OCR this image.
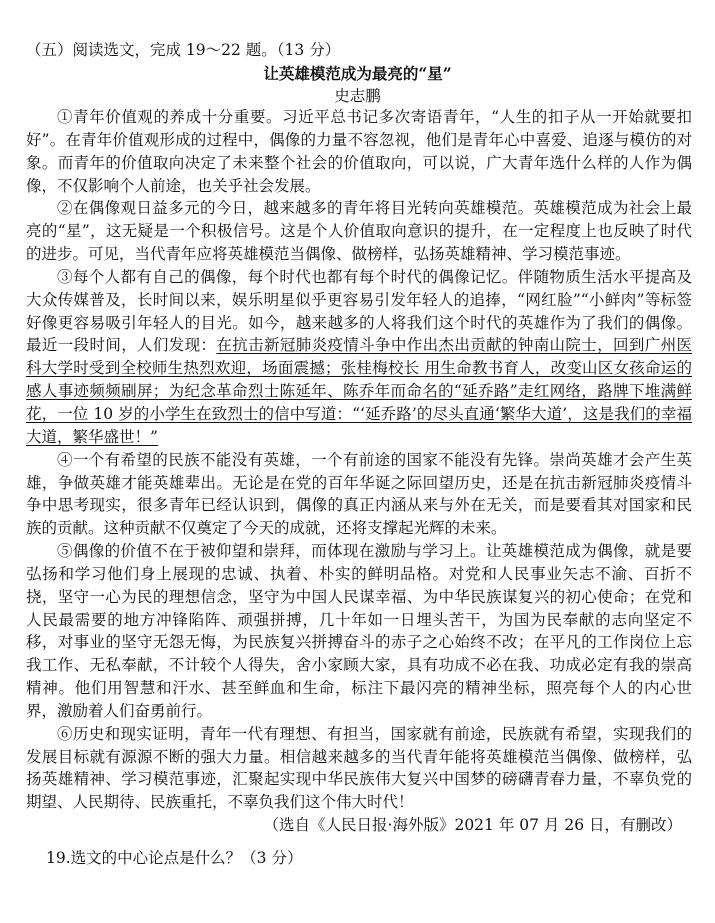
（五）阅读选文，完成 19～22 题。（13 分）
让英雄模范成为最亮的“星”
史志鹏

①青年价值观的养成十分重要。习近平总书记多次寄语青年，“人生的扣子从一开始就要扣好”。在青年价值观形成的过程中，偶像的力量不容忽视，他们是青年心中喜爱、追逐与模仿的对象。而青年的价值取向决定了未来整个社会的价值取向，可以说，广大青年选什么样的人作为偶像，不仅影响个人前途，也关乎社会发展。

②在偶像观日益多元的今日，越来越多的青年将目光转向英雄模范。英雄模范成为社会上最亮的“星”，这无疑是一个积极信号。这是个人价值取向意识的提升，在一定程度上也反映了时代的进步。可见，当代青年应将英雄模范当偶像、做榜样，弘扬英雄精神、学习模范事迹。

③每个人都有自己的偶像，每个时代也都有每个时代的偶像记忆。伴随物质生活水平提高及大众传媒普及，长时间以来，娱乐明星似乎更容易引发年轻人的追捧，“网红脸”“小鲜肉”等标签好像更容易吸引年轻人的目光。如今，越来越多的人将我们这个时代的英雄作为了我们的偶像。最近一段时间，人们发现：在抗击新冠肺炎疫情斗争中作出杰出贡献的钟南山院士，回到广州医科大学时受到全校师生热烈欢迎，场面震撼；张桂梅校长 用生命教书育人，改变山区女孩命运的感人事迹频频刷屏；为纪念革命烈士陈延年、陈乔年而命名的“延乔路”走红网络，路牌下堆满鲜花，一位 10 岁的小学生在致烈士的信中写道：“‘延乔路’的尽头直通‘繁华大道’，这是我们的幸福大道，繁华盛世！”

④一个有希望的民族不能没有英雄，一个有前途的国家不能没有先锋。崇尚英雄才会产生英雄，争做英雄才能英雄辈出。无论是在党的百年华诞之际回望历史，还是在抗击新冠肺炎疫情斗争中思考现实，很多青年已经认识到，偶像的真正内涵从来与外在无关，而是要看其对国家和民族的贡献。这种贡献不仅奠定了今天的成就，还将支撑起光辉的未来。

⑤偶像的价值不在于被仰望和崇拜，而体现在激励与学习上。让英雄模范成为偶像，就是要弘扬和学习他们身上展现的忠诚、执着、朴实的鲜明品格。对党和人民事业矢志不渝、百折不挠，坚守一心为民的理想信念，坚守为中国人民谋幸福、为中华民族谋复兴的初心使命；在党和人民最需要的地方冲锋陷阵、顽强拼搏，几十年如一日埋头苦干，为国为民奉献的志向坚定不移，对事业的坚守无怨无悔，为民族复兴拼搏奋斗的赤子之心始终不改；在平凡的工作岗位上忘我工作、无私奉献，不计较个人得失，舍小家顾大家，具有功成不必在我、功成必定有我的崇高精神。他们用智慧和汗水、甚至鲜血和生命，标注下最闪亮的精神坐标，照亮每个人的内心世界，激励着人们奋勇前行。

⑥历史和现实证明，青年一代有理想、有担当，国家就有前途，民族就有希望，实现我们的发展目标就有源源不断的强大力量。相信越来越多的当代青年能将英雄模范当偶像、做榜样，弘扬英雄精神、学习模范事迹，汇聚起实现中华民族伟大复兴中国梦的磅礴青春力量，不辜负党的期望、人民期待、民族重托，不辜负我们这个伟大时代！

（选自《人民日报·海外版》2021 年 07 月 26 日，有删改）

19.选文的中心论点是什么？（3 分）
